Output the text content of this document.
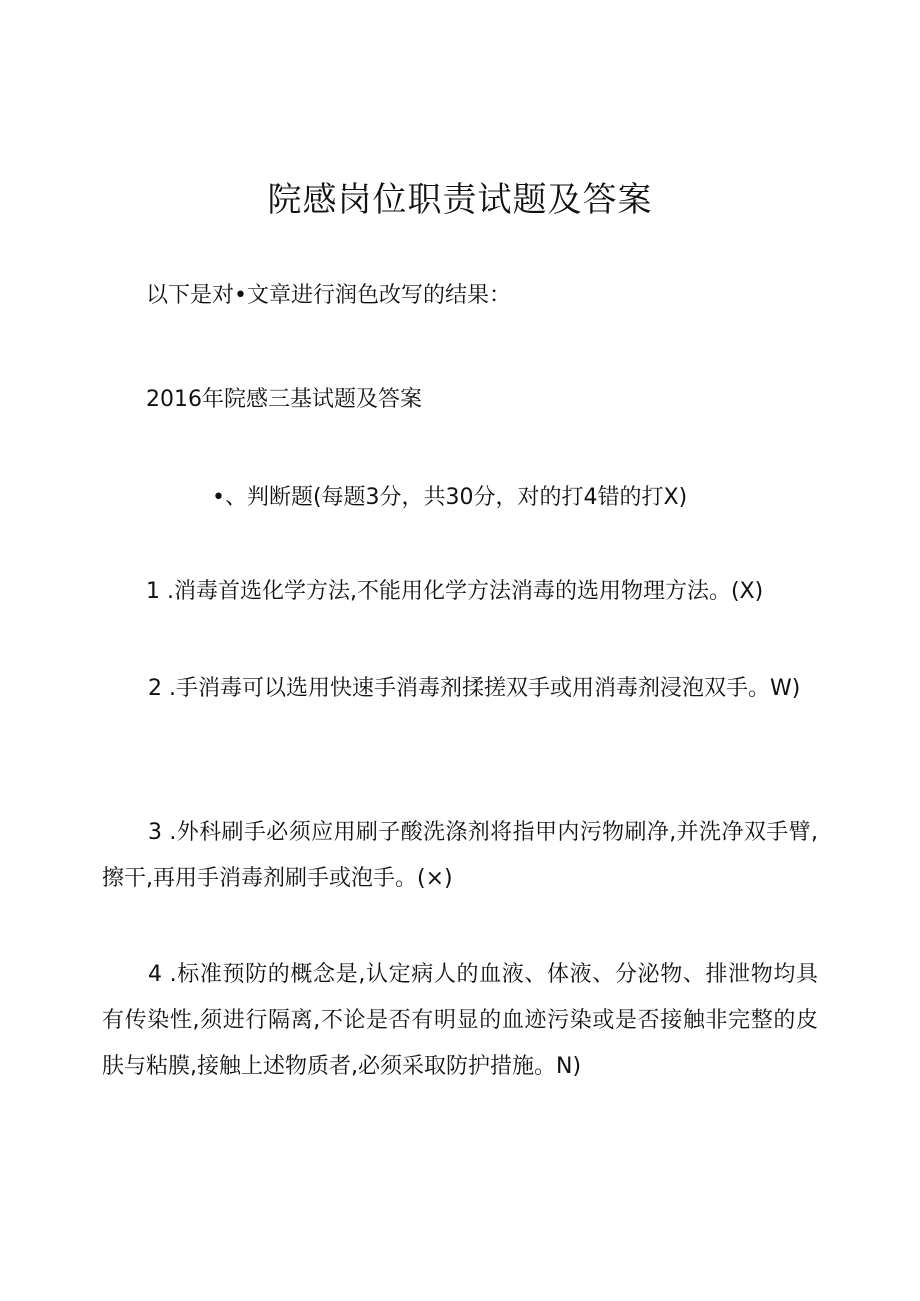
院感岗位职责试题及答案
以下是对•文章进行润色改写的结果：
2016年院感三基试题及答案
•、判断题(每题3分，共30分，对的打4错的打X)
1 .消毒首选化学方法,不能用化学方法消毒的选用物理方法。(X)
2 .手消毒可以选用快速手消毒剂揉搓双手或用消毒剂浸泡双手。W)
3 .外科刷手必须应用刷子酸洗涤剂将指甲内污物刷净,并洗净双手臂,擦干,再用手消毒剂刷手或泡手。(×)
4 .标准预防的概念是,认定病人的血液、体液、分泌物、排泄物均具有传染性,须进行隔离,不论是否有明显的血迹污染或是否接触非完整的皮肤与粘膜,接触上述物质者,必须采取防护措施。N)
